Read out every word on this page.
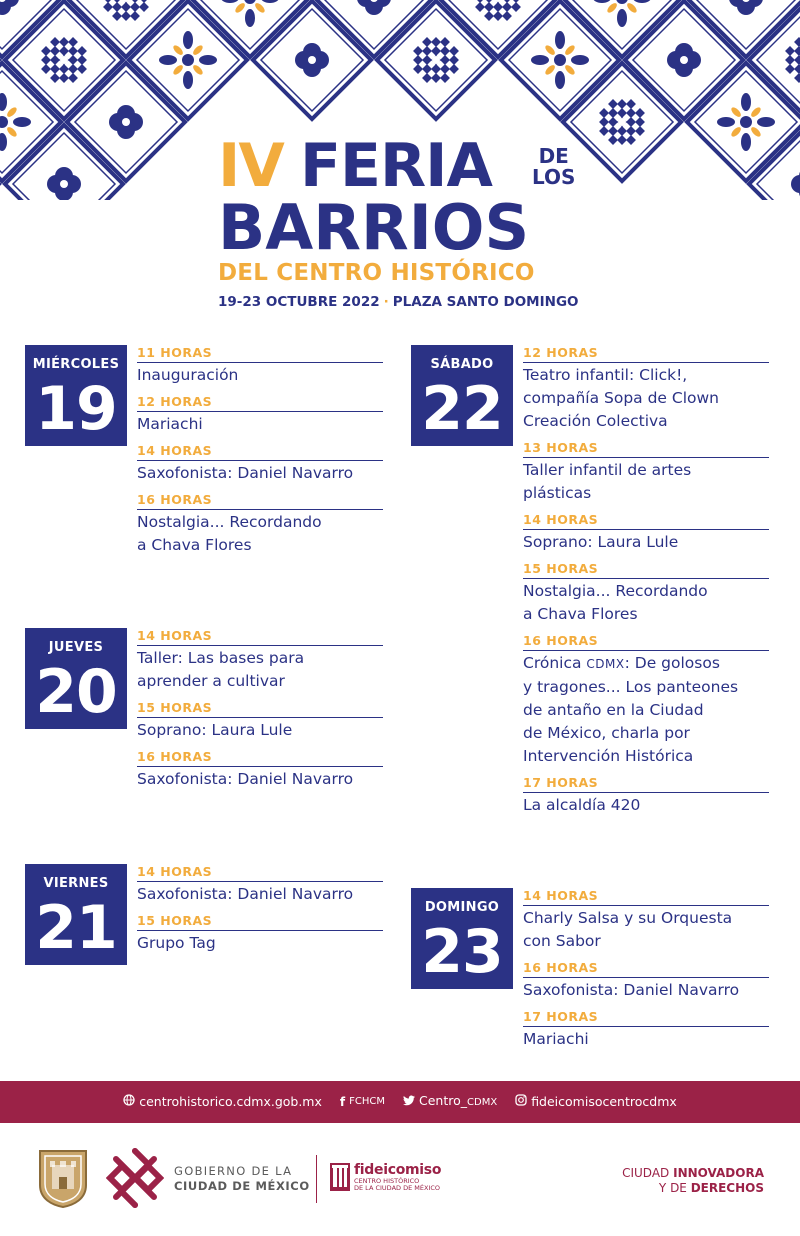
IV FERIA	DE
LOS
BARRIOS
DEL CENTRO HISTÓRICO
19-23 OCTUBRE 2022 · PLAZA SANTO DOMINGO
MIÉRCOLES
19
11 HORAS
Inauguración
12 HORAS
Mariachi
14 HORAS
Saxofonista: Daniel Navarro
16 HORAS
Nostalgia... Recordando
a Chava Flores
JUEVES
20
14 HORAS
Taller: Las bases para
aprender a cultivar
15 HORAS
Soprano: Laura Lule
16 HORAS
Saxofonista: Daniel Navarro
VIERNES
21
14 HORAS
Saxofonista: Daniel Navarro
15 HORAS
Grupo Tag
SÁBADO
22
12 HORAS
Teatro infantil: Click!,
compañía Sopa de Clown
Creación Colectiva
13 HORAS
Taller infantil de artes
plásticas
14 HORAS
Soprano: Laura Lule
15 HORAS
Nostalgia... Recordando
a Chava Flores
16 HORAS
Crónica CDMX: De golosos
y tragones... Los panteones
de antaño en la Ciudad
de México, charla por
Intervención Histórica
17 HORAS
La alcaldía 420
DOMINGO
23
14 HORAS
Charly Salsa y su Orquesta
con Sabor
16 HORAS
Saxofonista: Daniel Navarro
17 HORAS
Mariachi
centrohistorico.cdmx.gob.mx f FCHCM	Centro_CDMX	fideicomisocentrocdmx
GOBIERNO DE LA
CIUDAD DE MÉXICO
fideicomiso
CENTRO HISTÓRICO
DE LA CIUDAD DE MÉXICO
CIUDAD INNOVADORA
Y DE DERECHOS
